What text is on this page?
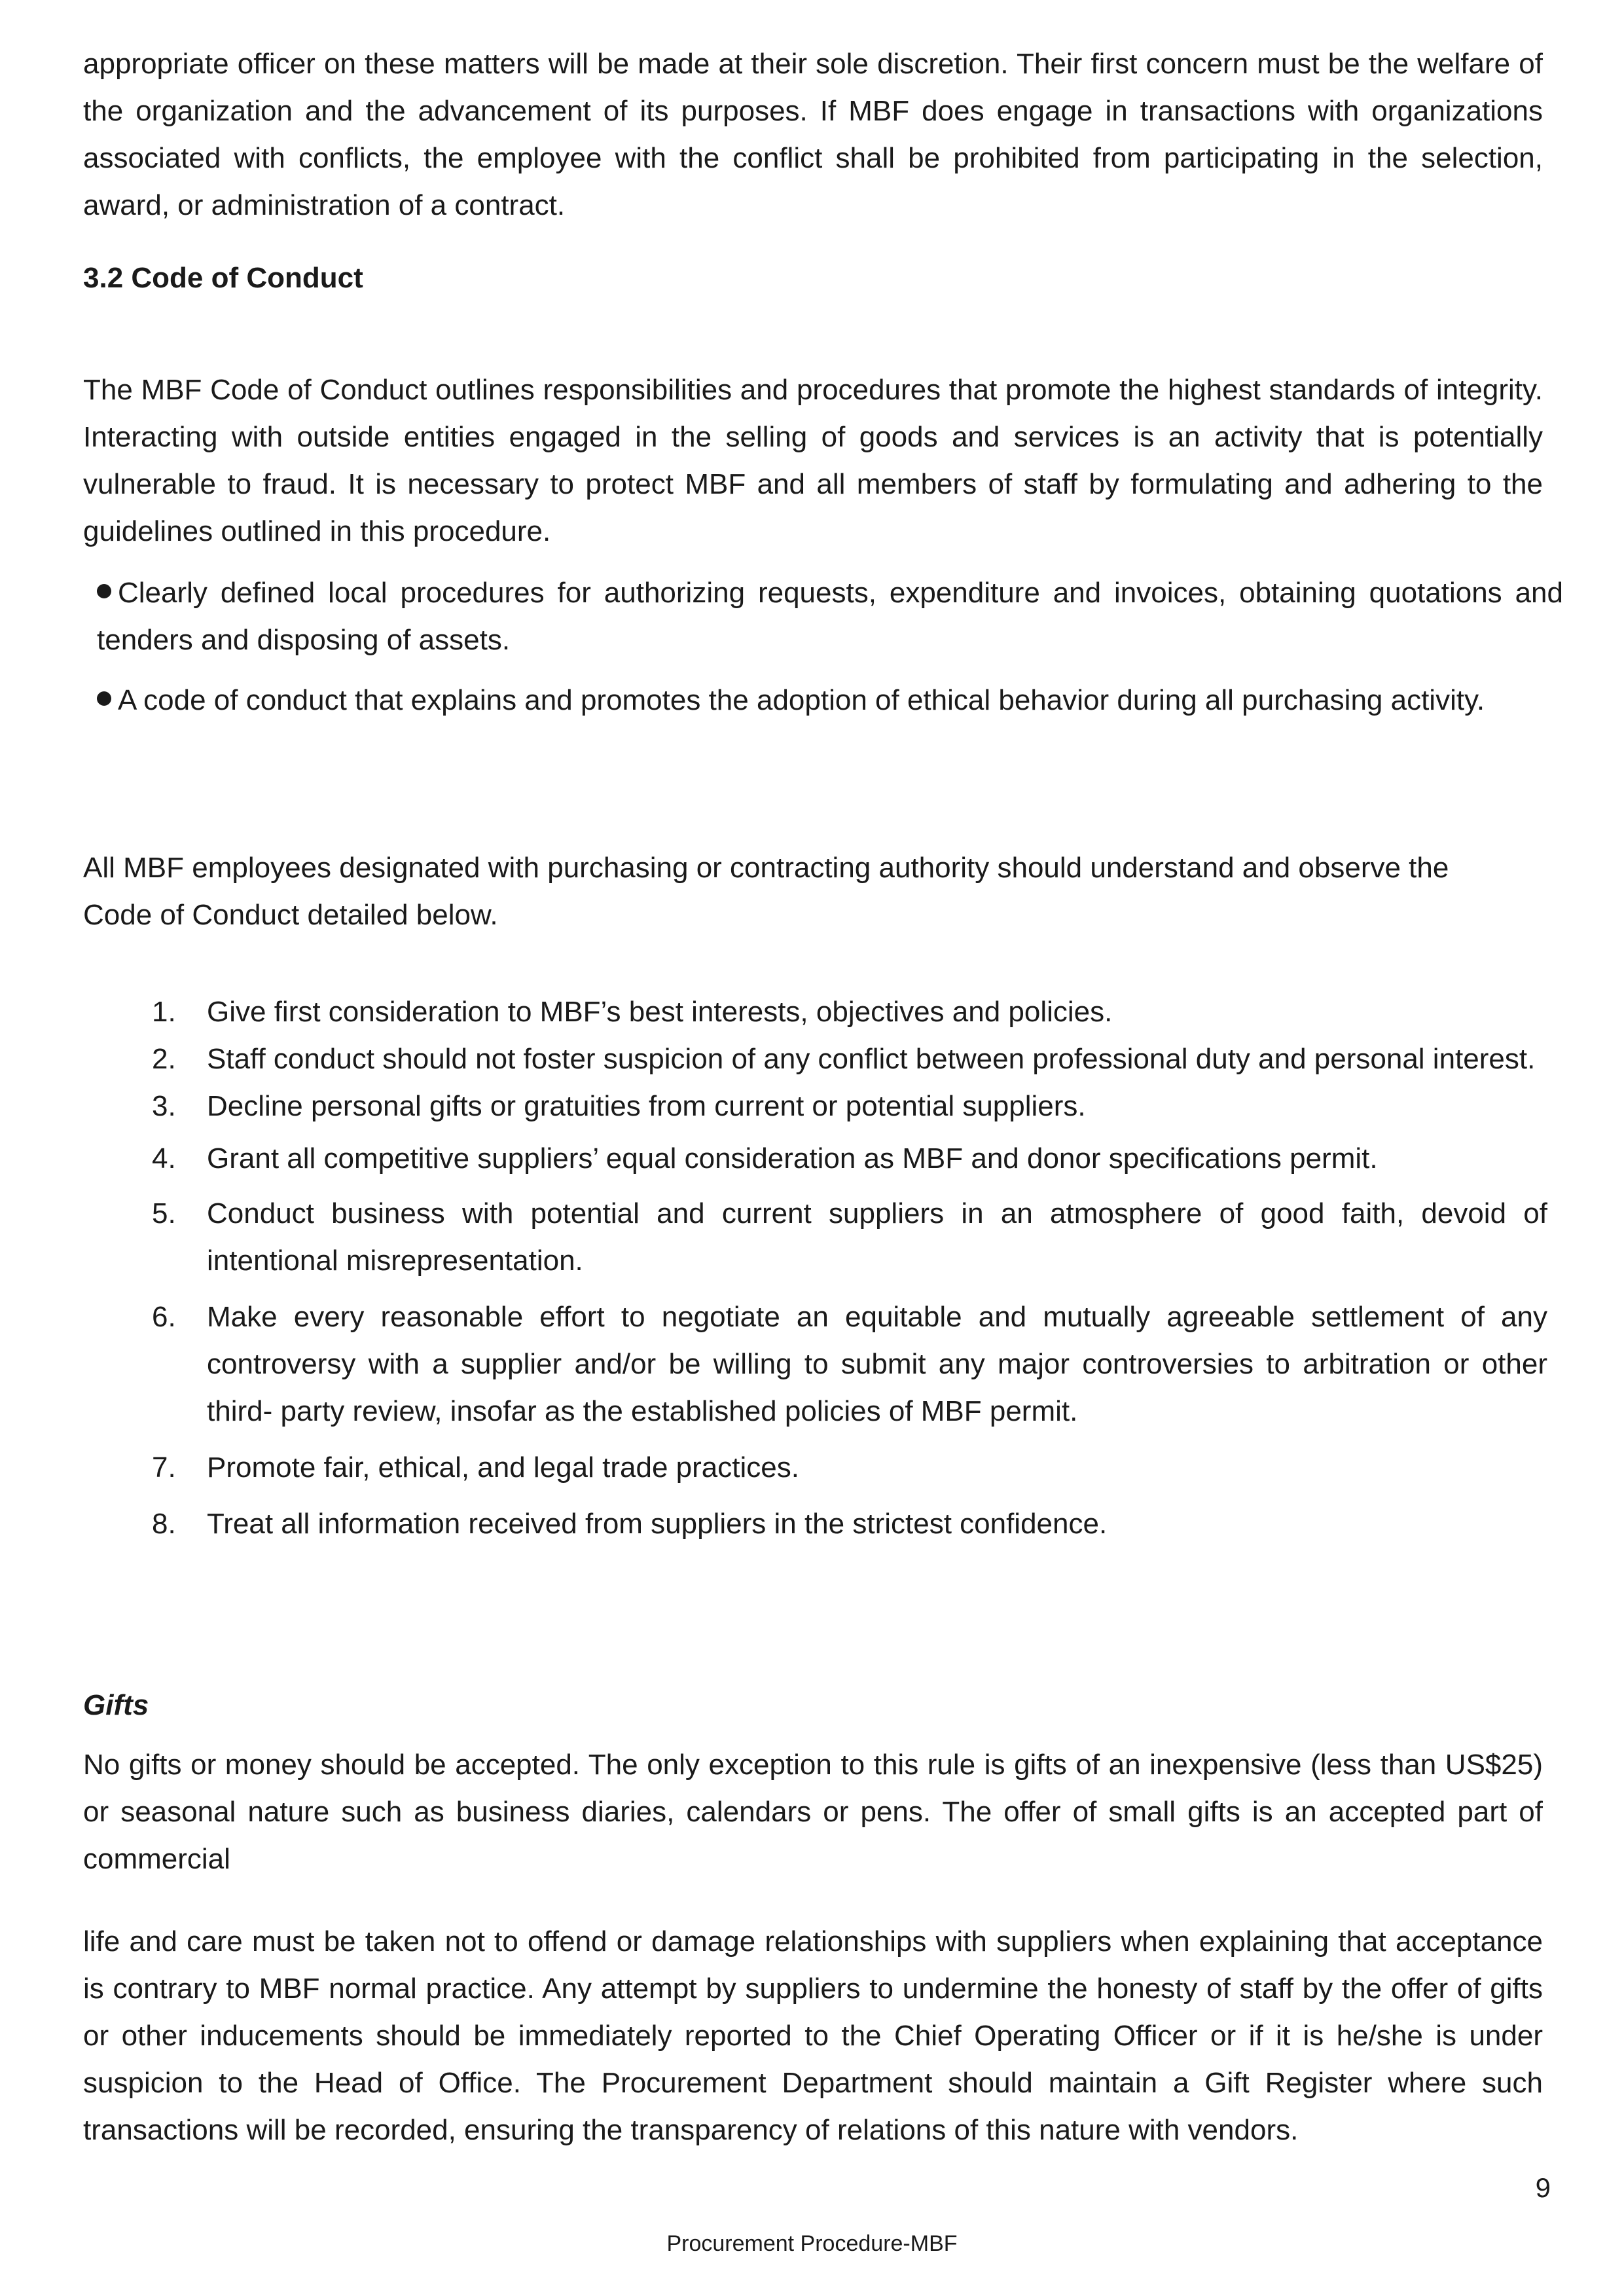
appropriate officer on these matters will be made at their sole discretion. Their first concern must be the welfare of the organization and the advancement of its purposes. If MBF does engage in transactions with organizations associated with conflicts, the employee with the conflict shall be prohibited from participating in the selection, award, or administration of a contract.

3.2 Code of Conduct

The MBF Code of Conduct outlines responsibilities and procedures that promote the highest standards of integrity. Interacting with outside entities engaged in the selling of goods and services is an activity that is potentially vulnerable to fraud. It is necessary to protect MBF and all members of staff by formulating and adhering to the guidelines outlined in this procedure.

Clearly defined local procedures for authorizing requests, expenditure and invoices, obtaining quotations and tenders and disposing of assets.
A code of conduct that explains and promotes the adoption of ethical behavior during all purchasing activity.

All MBF employees designated with purchasing or contracting authority should understand and observe the Code of Conduct detailed below.

1. Give first consideration to MBF’s best interests, objectives and policies.
2. Staff conduct should not foster suspicion of any conflict between professional duty and personal interest.
3. Decline personal gifts or gratuities from current or potential suppliers.
4. Grant all competitive suppliers’ equal consideration as MBF and donor specifications permit.
5. Conduct business with potential and current suppliers in an atmosphere of good faith, devoid of intentional misrepresentation.
6. Make every reasonable effort to negotiate an equitable and mutually agreeable settlement of any controversy with a supplier and/or be willing to submit any major controversies to arbitration or other third- party review, insofar as the established policies of MBF permit.
7. Promote fair, ethical, and legal trade practices.
8. Treat all information received from suppliers in the strictest confidence.

Gifts

No gifts or money should be accepted. The only exception to this rule is gifts of an inexpensive (less than US$25) or seasonal nature such as business diaries, calendars or pens. The offer of small gifts is an accepted part of commercial

life and care must be taken not to offend or damage relationships with suppliers when explaining that acceptance is contrary to MBF normal practice. Any attempt by suppliers to undermine the honesty of staff by the offer of gifts or other inducements should be immediately reported to the Chief Operating Officer or if it is he/she is under suspicion to the Head of Office. The Procurement Department should maintain a Gift Register where such transactions will be recorded, ensuring the transparency of relations of this nature with vendors.

9
Procurement Procedure-MBF
